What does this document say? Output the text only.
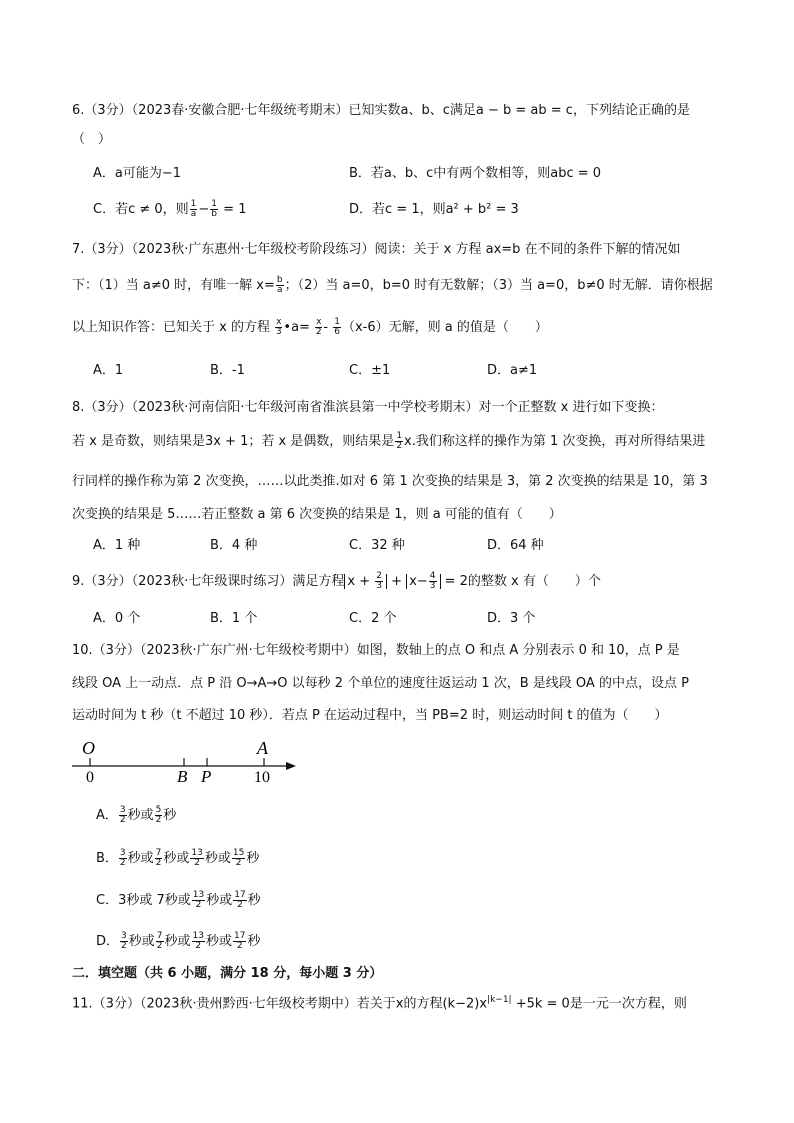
6.（3分）（2023春·安徽合肥·七年级统考期末）已知实数a、b、c满足a − b = ab = c，下列结论正确的是
（　）
A．a可能为−1	B．若a、b、c中有两个数相等，则abc = 0
C．若c ≠ 0，则 $\frac{1}{a} - \frac{1}{b} = 1$	D．若c = 1，则a² + b² = 3
7.（3分）（2023秋·广东惠州·七年级校考阶段练习）阅读：关于 x 方程 ax=b 在不同的条件下解的情况如
下：（1）当 a≠0 时，有唯一解 $x= \frac{b}{a}$ ；（2）当 a=0，b=0 时有无数解；（3）当 a=0，b≠0 时无解．请你根据
以上知识作答：已知关于 x 的方程 $\frac{x}{3}$ •a= $\frac{x}{2} - \frac{1}{6} (x-6)$无解，则 a 的值是（　　）
A．1	B．-1	C．±1	D．a≠1
8.（3分）（2023秋·河南信阳·七年级河南省淮滨县第一中学校考期末）对一个正整数 x 进行如下变换：
若 x 是奇数，则结果是3x + 1；若 x 是偶数，则结果是 $\frac{1}{2} x$.我们称这样的操作为第 1 次变换，再对所得结果进
行同样的操作称为第 2 次变换，……以此类推.如对 6 第 1 次变换的结果是 3，第 2 次变换的结果是 10，第 3
次变换的结果是 5……若正整数 a 第 6 次变换的结果是 1，则 a 可能的值有（　　）
A．1 种	B．4 种	C．32 种	D．64 种
9.（3分）（2023秋·七年级课时练习）满足方程 $x + \frac{2}{3} + x- \frac{4}{3} = 2$的整数 x 有（　　）个
A．0 个	B．1 个	C．2 个	D．3 个
10.（3分）（2023秋·广东广州·七年级校考期中）如图，数轴上的点 O 和点 A 分别表示 0 和 10，点 P 是
线段 OA 上一动点．点 P 沿 O→A→O 以每秒 2 个单位的速度往返运动 1 次，B 是线段 OA 的中点，设点 P
运动时间为 t 秒（t 不超过 10 秒）．若点 P 在运动过程中，当 PB=2 时，则运动时间 t 的值为（　　）
O
0	B P
A
10
A． $\frac{3}{2}$ 秒或 $\frac{5}{2}$ 秒
B． $\frac{3}{2}$ 秒或 $\frac{7}{2}$ 秒或 $\frac{13}{2}$ 秒或 $\frac{15}{2}$ 秒
C．3秒或 7秒或 $\frac{13}{2}$ 秒或 $\frac{17}{2}$ 秒
D． $\frac{3}{2}$ 秒或 $\frac{7}{2}$ 秒或 $\frac{13}{2}$ 秒或 $\frac{17}{2}$ 秒
二．填空题（共 6 小题，满分 18 分，每小题 3 分）
11.（3分）（2023秋·贵州黔西·七年级校考期中）若关于x的方程$(k-2)x^{|k-1|} +5k = 0$是一元一次方程，则
